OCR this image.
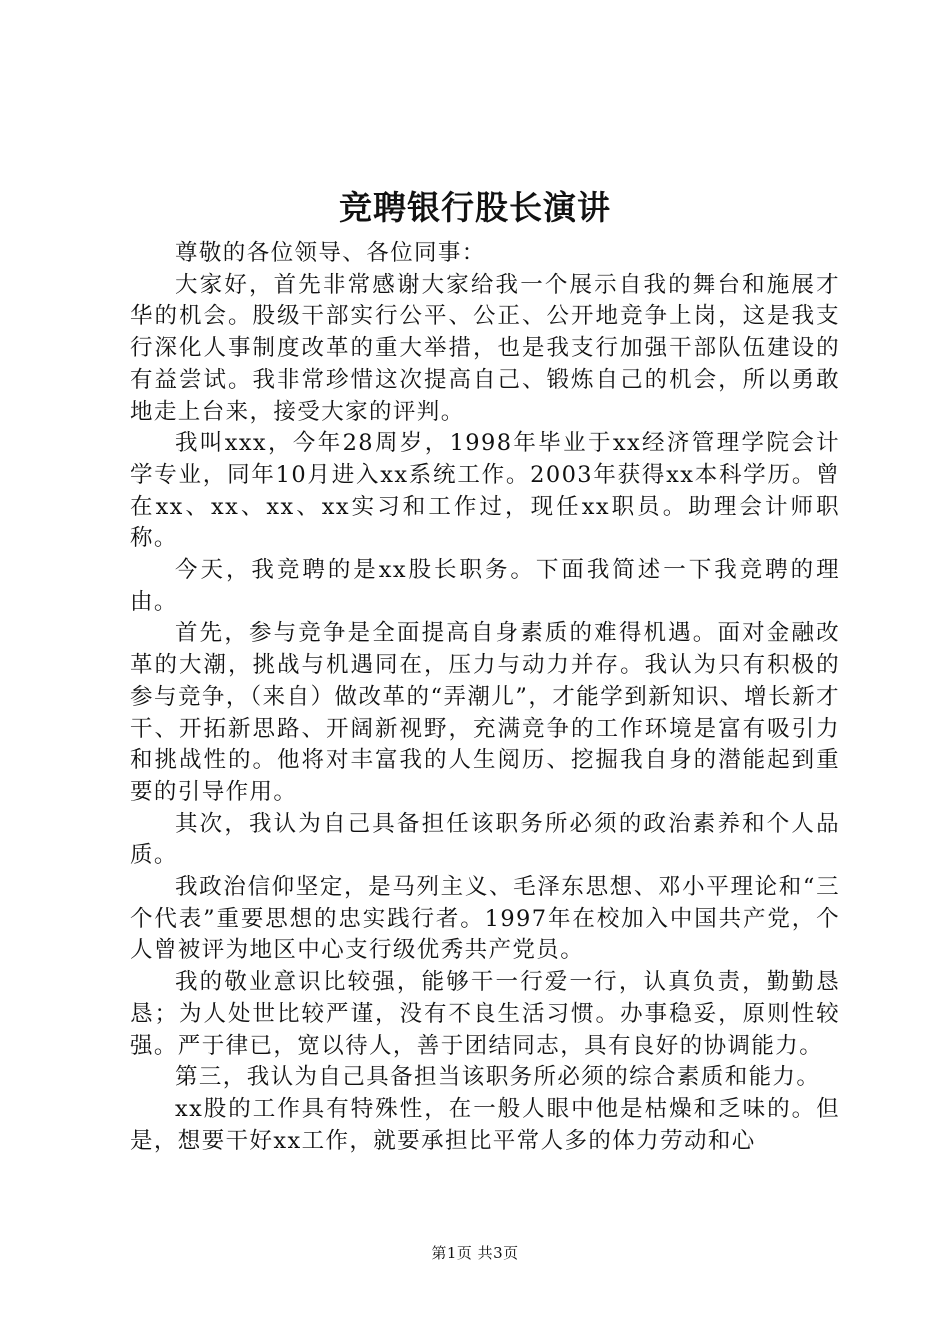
竞聘银行股长演讲

尊敬的各位领导、各位同事：

大家好，首先非常感谢大家给我一个展示自我的舞台和施展才华的机会。股级干部实行公平、公正、公开地竞争上岗，这是我支行深化人事制度改革的重大举措，也是我支行加强干部队伍建设的有益尝试。我非常珍惜这次提高自己、锻炼自己的机会，所以勇敢地走上台来，接受大家的评判。

我叫xxx，今年28周岁，1998年毕业于xx经济管理学院会计学专业，同年10月进入xx系统工作。2003年获得xx本科学历。曾在xx、xx、xx、xx实习和工作过，现任xx职员。助理会计师职称。

今天，我竞聘的是xx股长职务。下面我简述一下我竞聘的理由。

首先，参与竞争是全面提高自身素质的难得机遇。面对金融改革的大潮，挑战与机遇同在，压力与动力并存。我认为只有积极的参与竞争，（来自）做改革的“弄潮儿”，才能学到新知识、增长新才干、开拓新思路、开阔新视野，充满竞争的工作环境是富有吸引力和挑战性的。他将对丰富我的人生阅历、挖掘我自身的潜能起到重要的引导作用。

其次，我认为自己具备担任该职务所必须的政治素养和个人品质。

我政治信仰坚定，是马列主义、毛泽东思想、邓小平理论和“三个代表”重要思想的忠实践行者。1997年在校加入中国共产党，个人曾被评为地区中心支行级优秀共产党员。

我的敬业意识比较强，能够干一行爱一行，认真负责，勤勤恳恳；为人处世比较严谨，没有不良生活习惯。办事稳妥，原则性较强。严于律已，宽以待人，善于团结同志，具有良好的协调能力。

第三，我认为自己具备担当该职务所必须的综合素质和能力。

xx股的工作具有特殊性，在一般人眼中他是枯燥和乏味的。但是，想要干好xx工作，就要承担比平常人多的体力劳动和心

第1页 共3页
